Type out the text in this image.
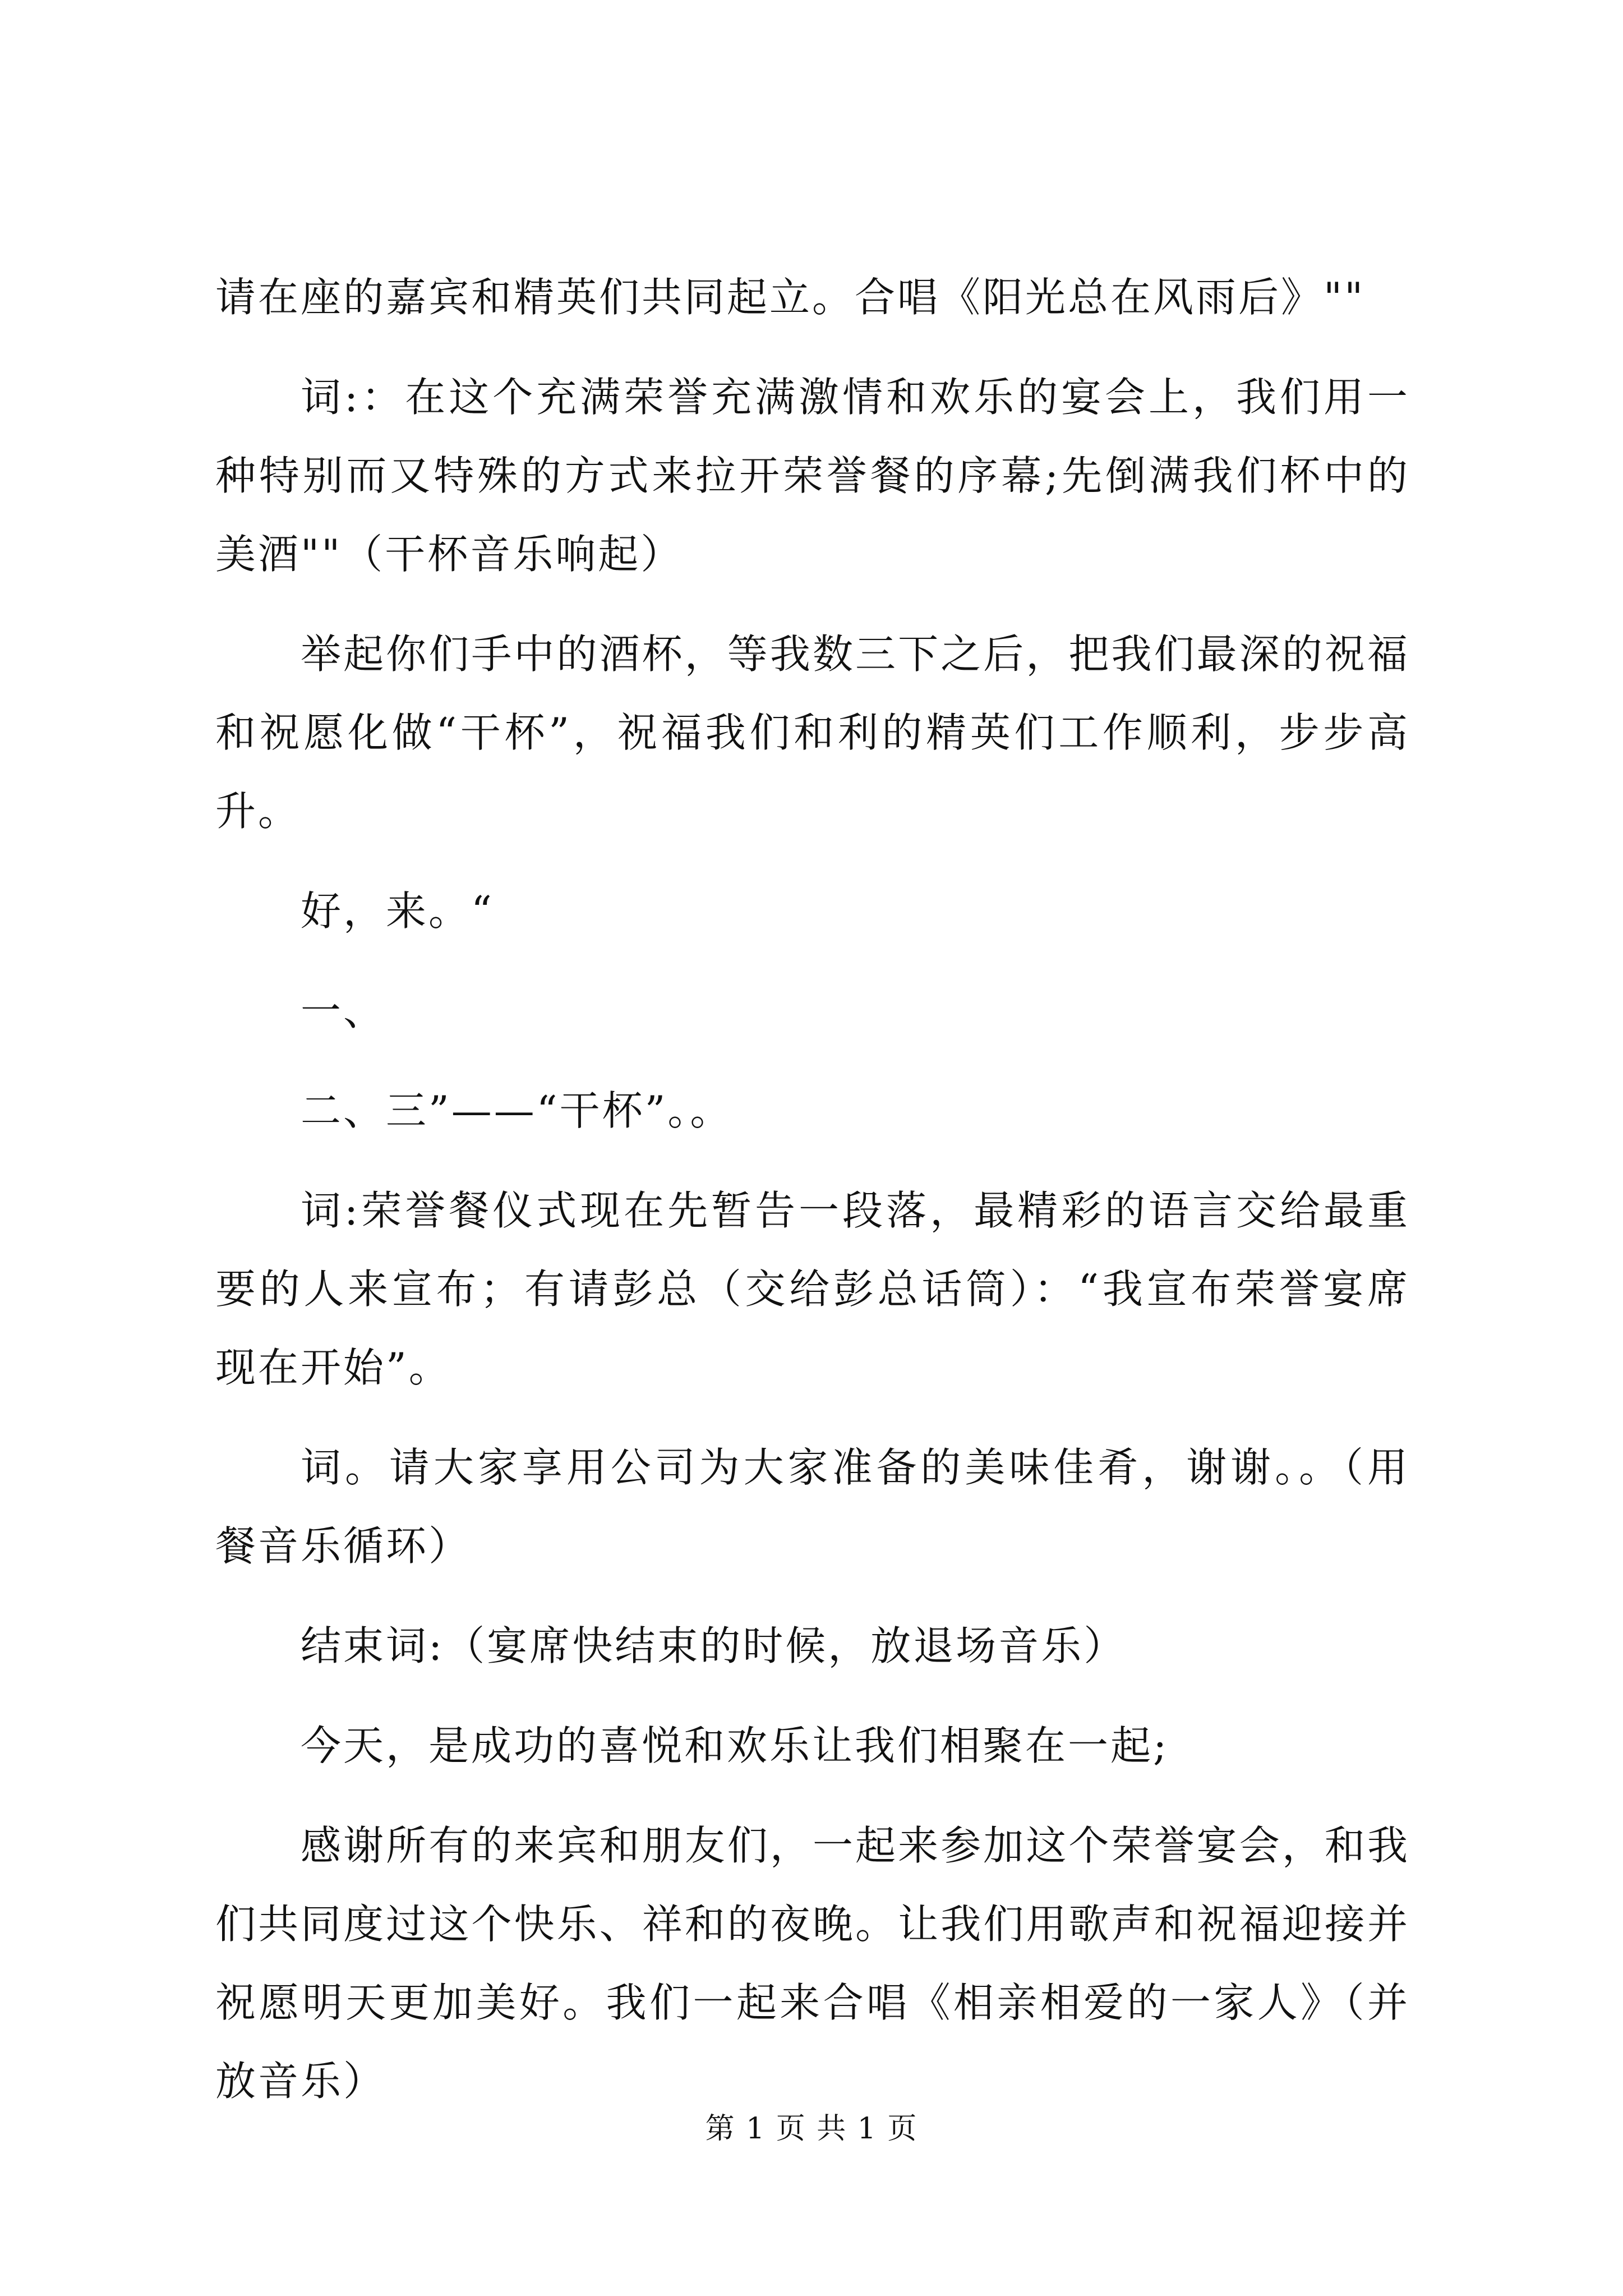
请在座的嘉宾和精英们共同起立。合唱《阳光总在风雨后》""

词:：在这个充满荣誉充满激情和欢乐的宴会上，我们用一种特别而又特殊的方式来拉开荣誉餐的序幕;先倒满我们杯中的美酒""（干杯音乐响起）

举起你们手中的酒杯，等我数三下之后，把我们最深的祝福和祝愿化做“干杯”，祝福我们和利的精英们工作顺利，步步高升。

好，来。“

一、

二、三”——“干杯”。。

词:荣誉餐仪式现在先暂告一段落，最精彩的语言交给最重要的人来宣布；有请彭总（交给彭总话筒）：“我宣布荣誉宴席现在开始”。

词。请大家享用公司为大家准备的美味佳肴，谢谢。。（用餐音乐循环）

结束词:（宴席快结束的时候，放退场音乐）

今天，是成功的喜悦和欢乐让我们相聚在一起;

感谢所有的来宾和朋友们，一起来参加这个荣誉宴会，和我们共同度过这个快乐、祥和的夜晚。让我们用歌声和祝福迎接并祝愿明天更加美好。我们一起来合唱《相亲相爱的一家人》（并放音乐）

第 1 页 共 1 页
